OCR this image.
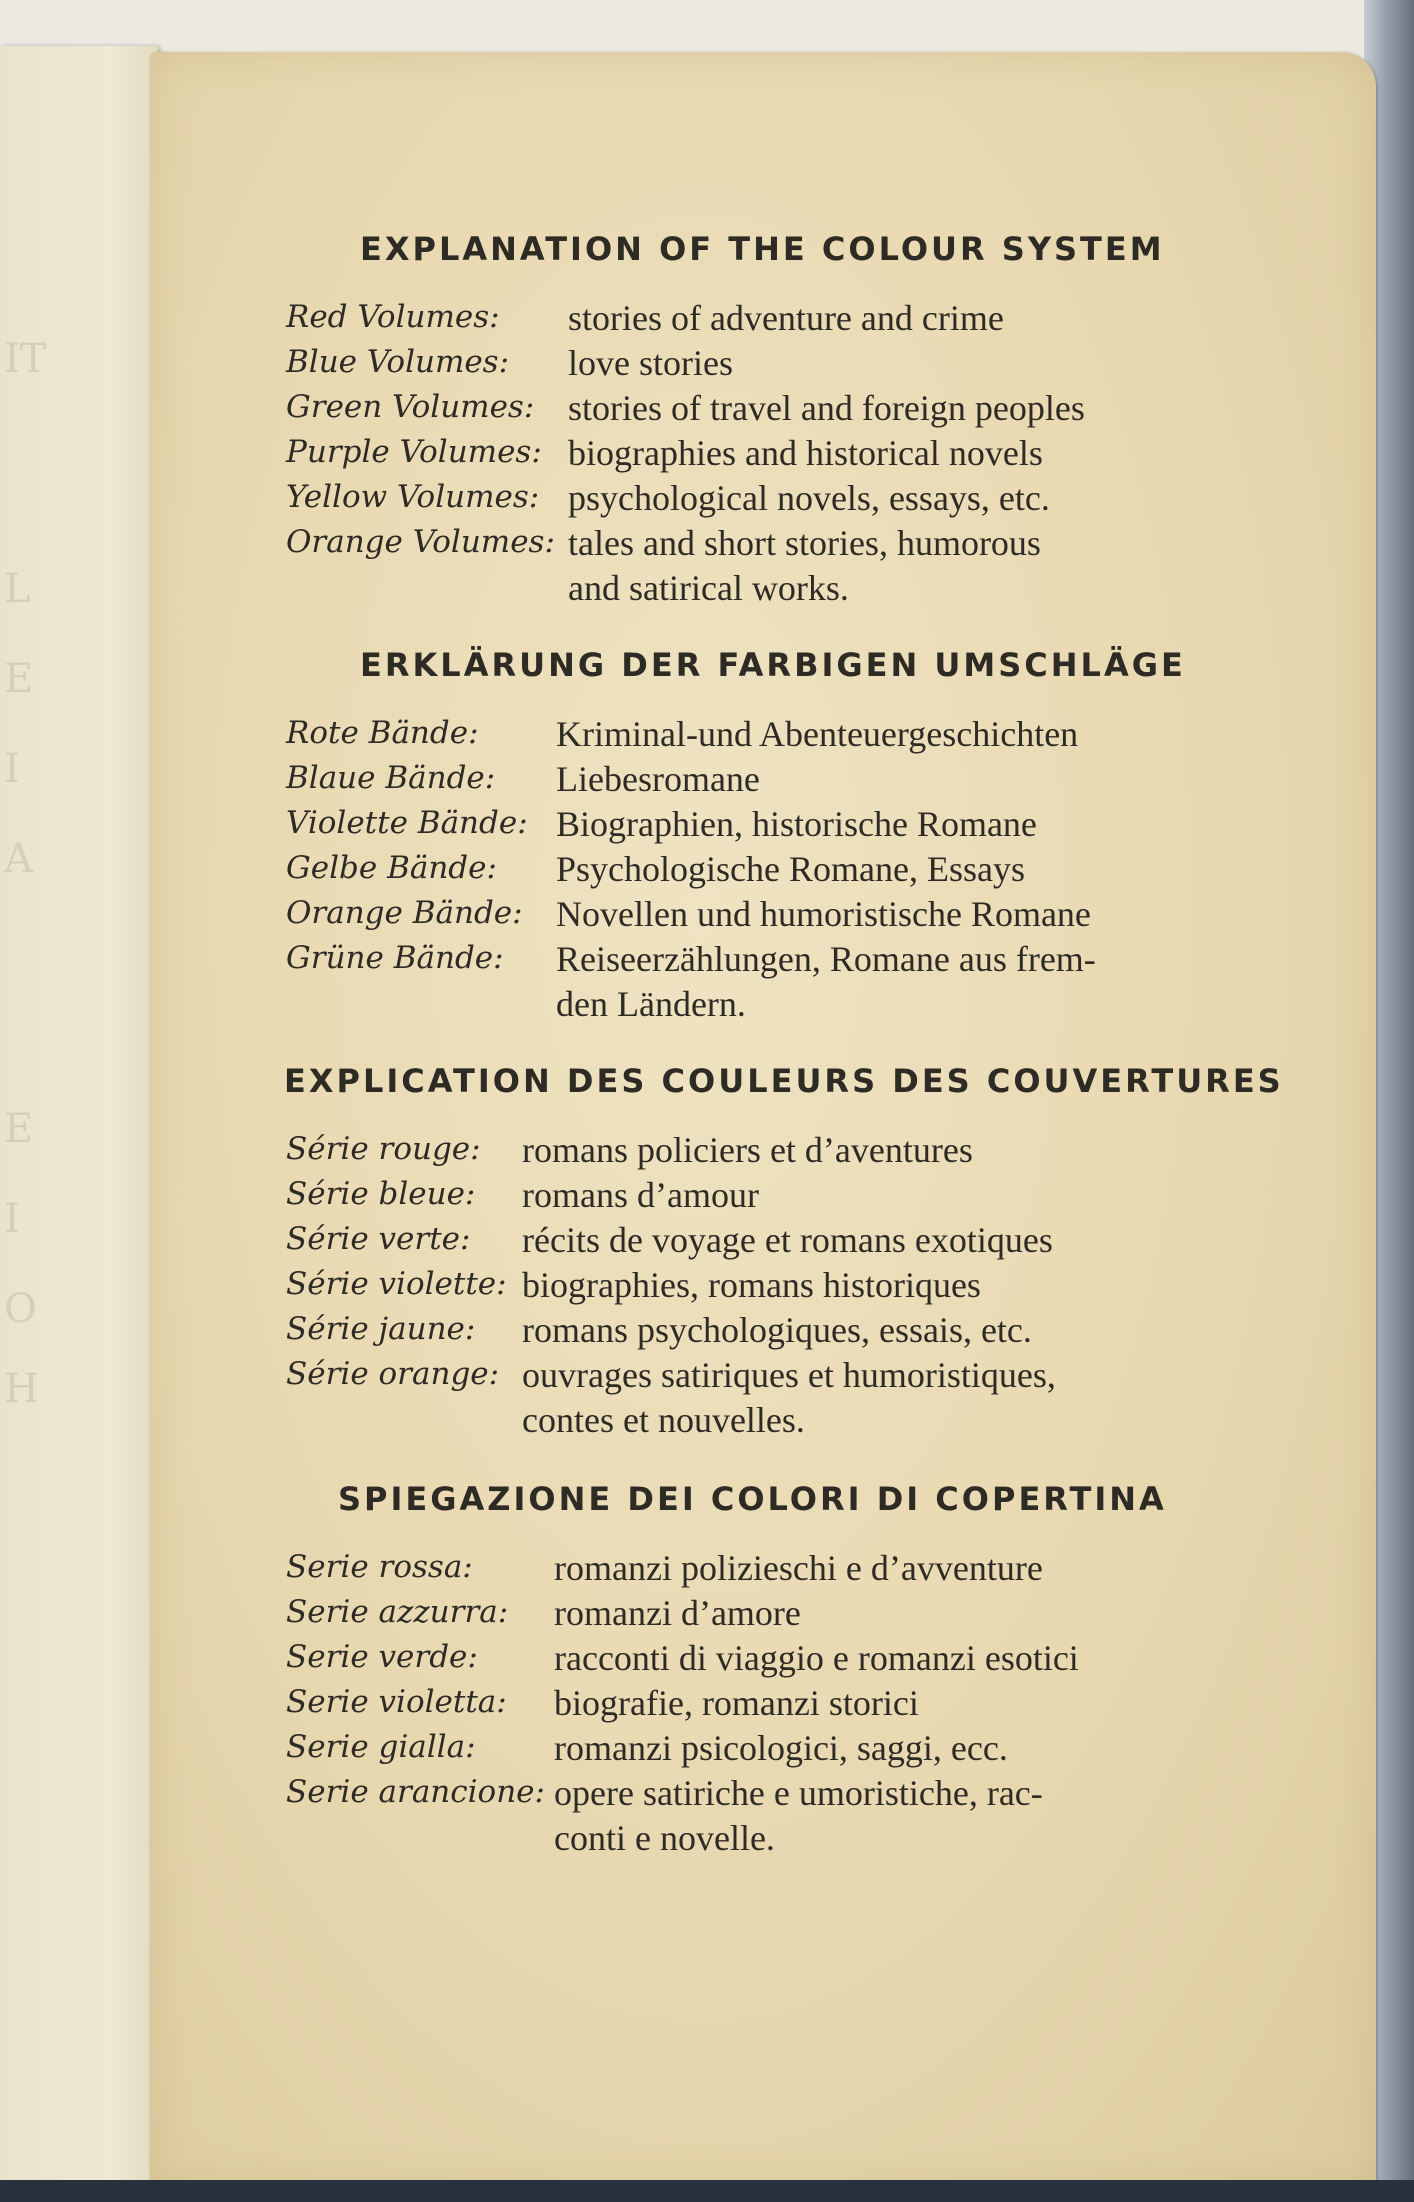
IT
L
E
I
A
E
I
O
H
EXPLANATION OF THE COLOUR SYSTEM
Red Volumes: stories of adventure and crime
Blue Volumes: love stories
Green Volumes: stories of travel and foreign peoples
Purple Volumes: biographies and historical novels
Yellow Volumes: psychological novels, essays, etc.
Orange Volumes: tales and short stories, humorous
and satirical works.
ERKLÄRUNG DER FARBIGEN UMSCHLÄGE
Rote Bände: Kriminal-und Abenteuergeschichten
Blaue Bände: Liebesromane
Violette Bände: Biographien, historische Romane
Gelbe Bände: Psychologische Romane, Essays
Orange Bände: Novellen und humoristische Romane
Grüne Bände: Reiseerzählungen, Romane aus frem-
den Ländern.
EXPLICATION DES COULEURS DES COUVERTURES
Série rouge: romans policiers et d’aventures
Série bleue: romans d’amour
Série verte: récits de voyage et romans exotiques
Série violette: biographies, romans historiques
Série jaune: romans psychologiques, essais, etc.
Série orange: ouvrages satiriques et humoristiques,
contes et nouvelles.
SPIEGAZIONE DEI COLORI DI COPERTINA
Serie rossa: romanzi polizieschi e d’avventure
Serie azzurra: romanzi d’amore
Serie verde: racconti di viaggio e romanzi esotici
Serie violetta: biografie, romanzi storici
Serie gialla: romanzi psicologici, saggi, ecc.
Serie arancione: opere satiriche e umoristiche, rac-
conti e novelle.
